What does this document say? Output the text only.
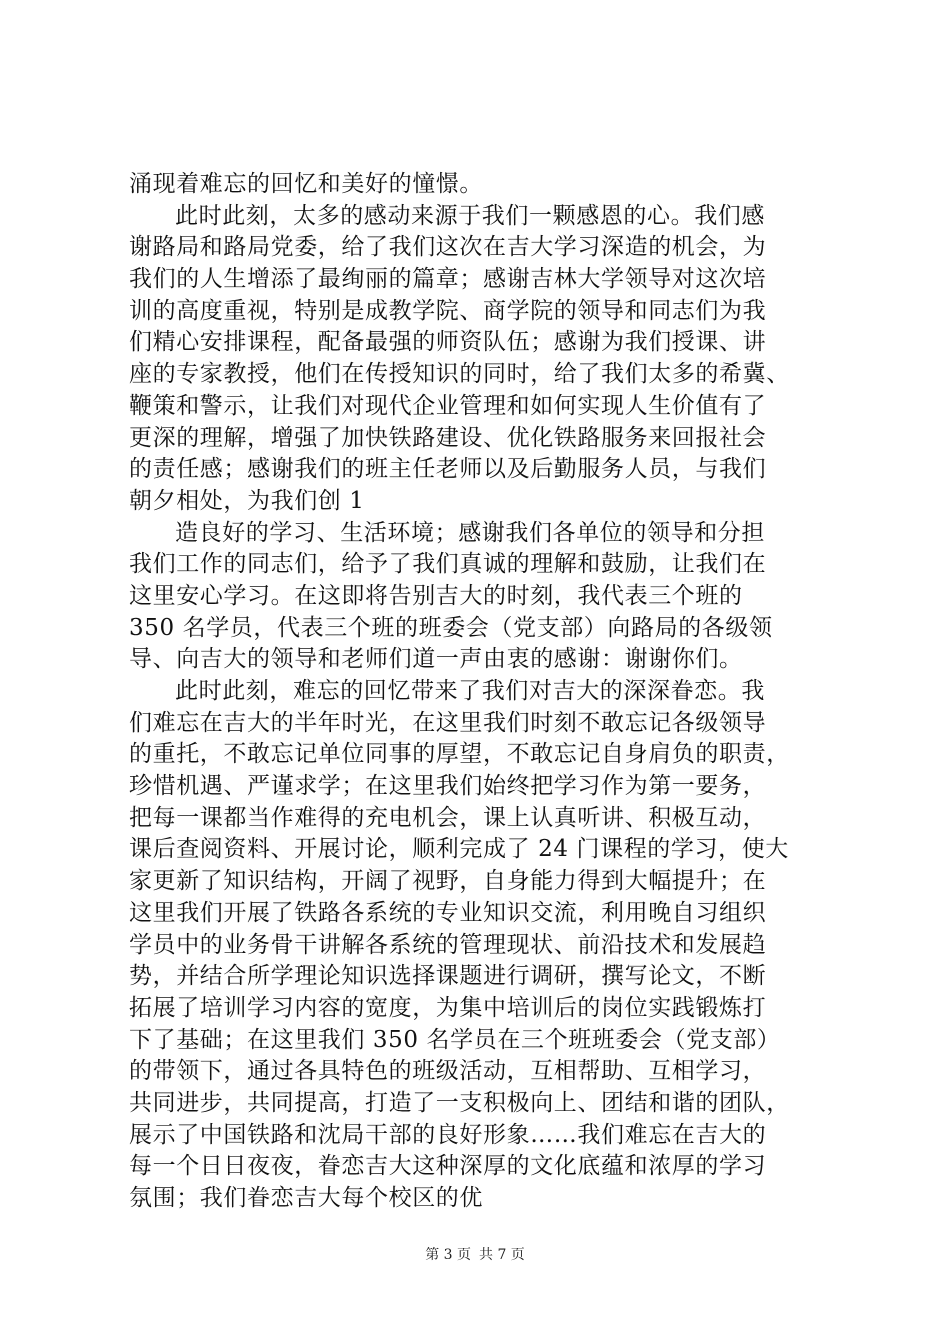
涌现着难忘的回忆和美好的憧憬。
此时此刻，太多的感动来源于我们一颗感恩的心。我们感
谢路局和路局党委，给了我们这次在吉大学习深造的机会，为
我们的人生增添了最绚丽的篇章；感谢吉林大学领导对这次培
训的高度重视，特别是成教学院、商学院的领导和同志们为我
们精心安排课程，配备最强的师资队伍；感谢为我们授课、讲
座的专家教授，他们在传授知识的同时，给了我们太多的希冀、
鞭策和警示，让我们对现代企业管理和如何实现人生价值有了
更深的理解，增强了加快铁路建设、优化铁路服务来回报社会
的责任感；感谢我们的班主任老师以及后勤服务人员，与我们
朝夕相处，为我们创 1
造良好的学习、生活环境；感谢我们各单位的领导和分担
我们工作的同志们，给予了我们真诚的理解和鼓励，让我们在
这里安心学习。在这即将告别吉大的时刻，我代表三个班的
350 名学员，代表三个班的班委会（党支部）向路局的各级领
导、向吉大的领导和老师们道一声由衷的感谢：谢谢你们。
此时此刻，难忘的回忆带来了我们对吉大的深深眷恋。我
们难忘在吉大的半年时光，在这里我们时刻不敢忘记各级领导
的重托，不敢忘记单位同事的厚望，不敢忘记自身肩负的职责，
珍惜机遇、严谨求学；在这里我们始终把学习作为第一要务，
把每一课都当作难得的充电机会，课上认真听讲、积极互动，
课后查阅资料、开展讨论，顺利完成了 24 门课程的学习，使大
家更新了知识结构，开阔了视野，自身能力得到大幅提升；在
这里我们开展了铁路各系统的专业知识交流，利用晚自习组织
学员中的业务骨干讲解各系统的管理现状、前沿技术和发展趋
势，并结合所学理论知识选择课题进行调研，撰写论文，不断
拓展了培训学习内容的宽度，为集中培训后的岗位实践锻炼打
下了基础；在这里我们 350 名学员在三个班班委会（党支部）
的带领下，通过各具特色的班级活动，互相帮助、互相学习，
共同进步，共同提高，打造了一支积极向上、团结和谐的团队，
展示了中国铁路和沈局干部的良好形象……我们难忘在吉大的
每一个日日夜夜，眷恋吉大这种深厚的文化底蕴和浓厚的学习
氛围；我们眷恋吉大每个校区的优
第 3 页 共 7 页
